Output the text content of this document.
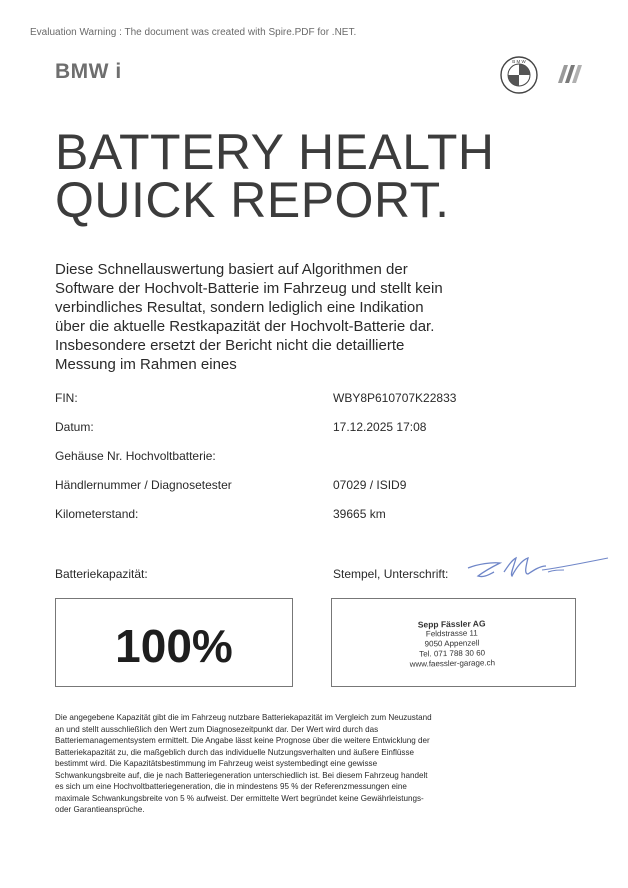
Evaluation Warning : The document was created with Spire.PDF for .NET.
BMW i	B M W
BATTERY HEALTH
QUICK REPORT.
Diese Schnellauswertung basiert auf Algorithmen der Software der Hochvolt-Batterie im Fahrzeug und stellt kein verbindliches Resultat, sondern lediglich eine Indikation über die aktuelle Restkapazität der Hochvolt-Batterie dar. Insbesondere ersetzt der Bericht nicht die detaillierte Messung im Rahmen eines
FIN:	WBY8P610707K22833
Datum:	17.12.2025 17:08
Gehäuse Nr. Hochvoltbatterie:
Händlernummer / Diagnosetester	07029 / ISID9
Kilometerstand:	39665 km
Batteriekapazität:	Stempel, Unterschrift:
100%	Sepp Fässler AG
Feldstrasse 11
9050 Appenzell
Tel. 071 788 30 60
www.faessler-garage.ch
Die angegebene Kapazität gibt die im Fahrzeug nutzbare Batteriekapazität im Vergleich zum Neuzustand an und stellt ausschließlich den Wert zum Diagnosezeitpunkt dar. Der Wert wird durch das Batteriemanagementsystem ermittelt. Die Angabe lässt keine Prognose über die weitere Entwicklung der Batteriekapazität zu, die maßgeblich durch das individuelle Nutzungsverhalten und äußere Einflüsse bestimmt wird. Die Kapazitätsbestimmung im Fahrzeug weist systembedingt eine gewisse Schwankungsbreite auf, die je nach Batteriegeneration unterschiedlich ist. Bei diesem Fahrzeug handelt es sich um eine Hochvoltbatteriegeneration, die in mindestens 95 % der Referenzmessungen eine maximale Schwankungsbreite von 5 % aufweist. Der ermittelte Wert begründet keine Gewährleistungs- oder Garantieansprüche.
